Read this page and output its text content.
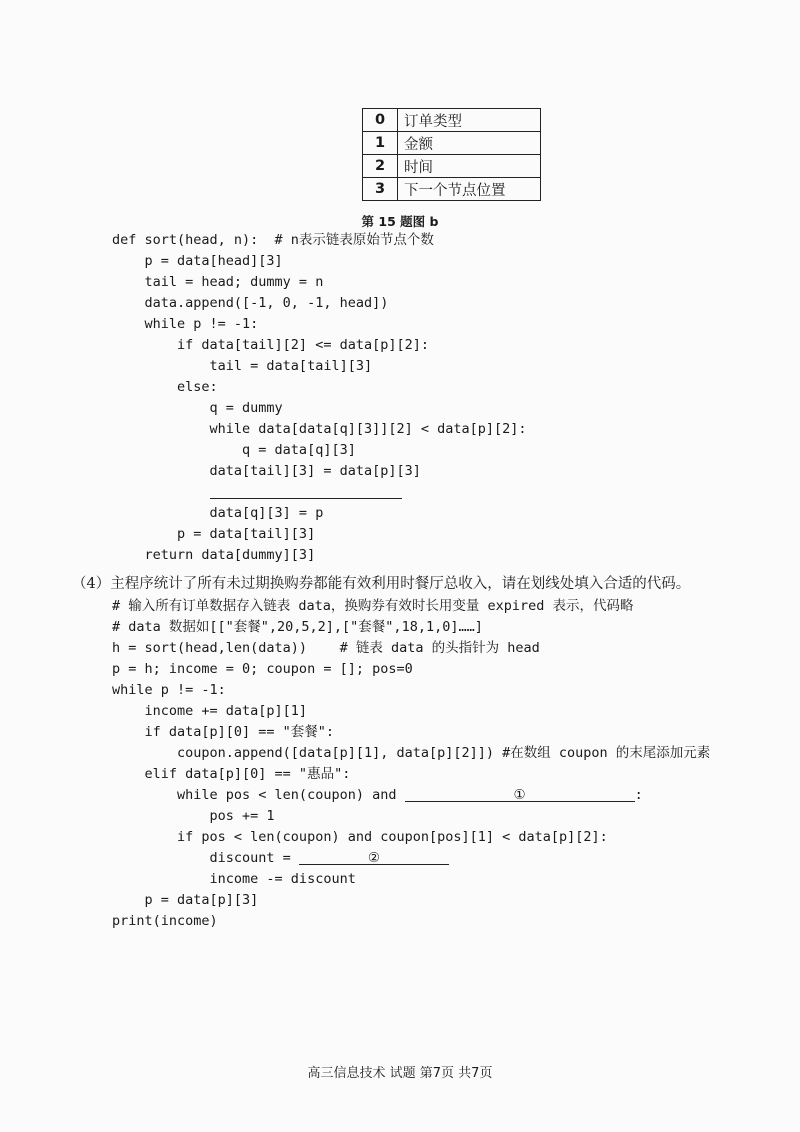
0	订单类型
1	金额
2	时间
3	下一个节点位置
第 15 题图 b
def sort(head, n):  # n表示链表原始节点个数
p = data[head][3]
tail = head; dummy = n
data.append([-1, 0, -1, head])
while p != -1:
if data[tail][2] <= data[p][2]:
tail = data[tail][3]
else:
q = dummy
while data[data[q][3]][2] < data[p][2]:
q = data[q][3]
data[tail][3] = data[p][3]

data[q][3] = p
p = data[tail][3]
return data[dummy][3]
（4）主程序统计了所有未过期换购券都能有效利用时餐厅总收入，请在划线处填入合适的代码。
# 输入所有订单数据存入链表 data，换购券有效时长用变量 expired 表示，代码略
# data 数据如[["套餐",20,5,2],["套餐",18,1,0]……]
h = sort(head,len(data))    # 链表 data 的头指针为 head
p = h; income = 0; coupon = []; pos=0
while p != -1:
income += data[p][1]
if data[p][0] == "套餐":
coupon.append([data[p][1], data[p][2]]) #在数组 coupon 的末尾添加元素
elif data[p][0] == "惠品":
while pos < len(coupon) and	①	:
pos += 1
if pos < len(coupon) and coupon[pos][1] < data[p][2]:
discount =	②
income -= discount
p = data[p][3]
print(income)
高三信息技术 试题 第7页 共7页
